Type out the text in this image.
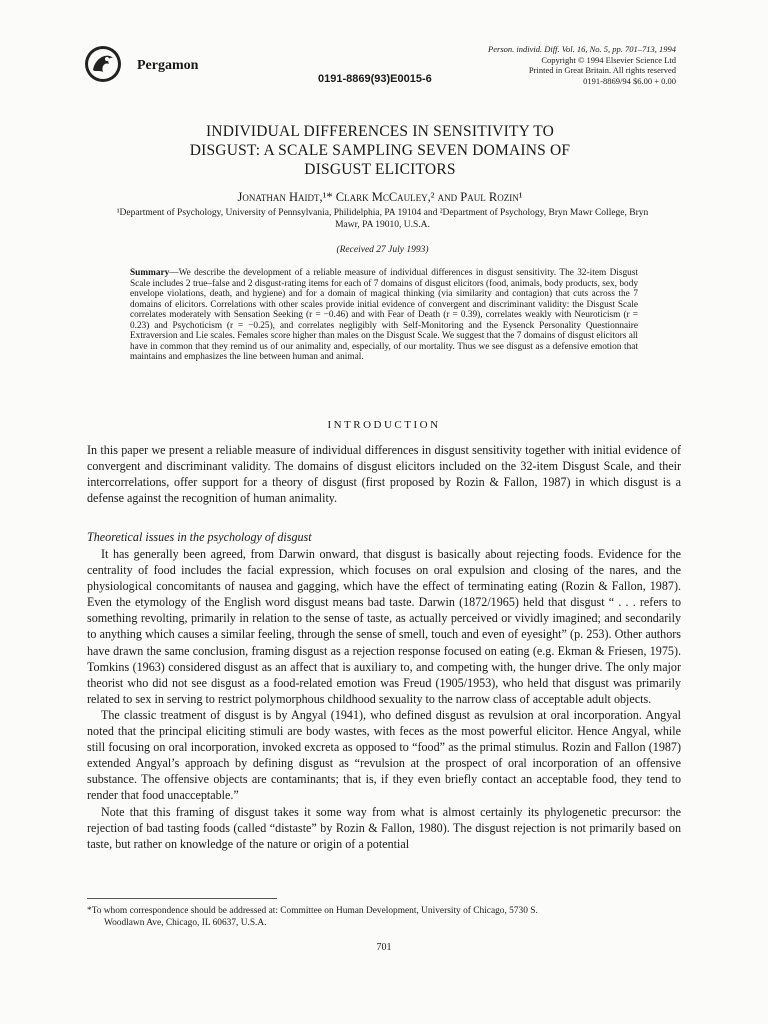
Pergamon
0191-8869(93)E0015-6
Person. individ. Diff. Vol. 16, No. 5, pp. 701–713, 1994
Copyright © 1994 Elsevier Science Ltd
Printed in Great Britain. All rights reserved
0191-8869/94 $6.00 + 0.00
INDIVIDUAL DIFFERENCES IN SENSITIVITY TO
DISGUST: A SCALE SAMPLING SEVEN DOMAINS OF
DISGUST ELICITORS
Jonathan Haidt,¹* Clark McCauley,² and Paul Rozin¹
¹Department of Psychology, University of Pennsylvania, Philidelphia, PA 19104 and ²Department of Psychology, Bryn Mawr College, Bryn Mawr, PA 19010, U.S.A.
(Received 27 July 1993)
Summary—We describe the development of a reliable measure of individual differences in disgust sensitivity. The 32-item Disgust Scale includes 2 true–false and 2 disgust-rating items for each of 7 domains of disgust elicitors (food, animals, body products, sex, body envelope violations, death, and hygiene) and for a domain of magical thinking (via similarity and contagion) that cuts across the 7 domains of elicitors. Correlations with other scales provide initial evidence of convergent and discriminant validity: the Disgust Scale correlates moderately with Sensation Seeking (r = −0.46) and with Fear of Death (r = 0.39), correlates weakly with Neuroticism (r = 0.23) and Psychoticism (r = −0.25), and correlates negligibly with Self-Monitoring and the Eysenck Personality Questionnaire Extraversion and Lie scales. Females score higher than males on the Disgust Scale. We suggest that the 7 domains of disgust elicitors all have in common that they remind us of our animality and, especially, of our mortality. Thus we see disgust as a defensive emotion that maintains and emphasizes the line between human and animal.
INTRODUCTION
In this paper we present a reliable measure of individual differences in disgust sensitivity together with initial evidence of convergent and discriminant validity. The domains of disgust elicitors included on the 32-item Disgust Scale, and their intercorrelations, offer support for a theory of disgust (first proposed by Rozin & Fallon, 1987) in which disgust is a defense against the recognition of human animality.
Theoretical issues in the psychology of disgust
It has generally been agreed, from Darwin onward, that disgust is basically about rejecting foods. Evidence for the centrality of food includes the facial expression, which focuses on oral expulsion and closing of the nares, and the physiological concomitants of nausea and gagging, which have the effect of terminating eating (Rozin & Fallon, 1987). Even the etymology of the English word disgust means bad taste. Darwin (1872/1965) held that disgust “ . . . refers to something revolting, primarily in relation to the sense of taste, as actually perceived or vividly imagined; and secondarily to anything which causes a similar feeling, through the sense of smell, touch and even of eyesight” (p. 253). Other authors have drawn the same conclusion, framing disgust as a rejection response focused on eating (e.g. Ekman & Friesen, 1975). Tomkins (1963) considered disgust as an affect that is auxiliary to, and competing with, the hunger drive. The only major theorist who did not see disgust as a food-related emotion was Freud (1905/1953), who held that disgust was primarily related to sex in serving to restrict polymorphous childhood sexuality to the narrow class of acceptable adult objects.
The classic treatment of disgust is by Angyal (1941), who defined disgust as revulsion at oral incorporation. Angyal noted that the principal eliciting stimuli are body wastes, with feces as the most powerful elicitor. Hence Angyal, while still focusing on oral incorporation, invoked excreta as opposed to “food” as the primal stimulus. Rozin and Fallon (1987) extended Angyal’s approach by defining disgust as “revulsion at the prospect of oral incorporation of an offensive substance. The offensive objects are contaminants; that is, if they even briefly contact an acceptable food, they tend to render that food unacceptable.”
Note that this framing of disgust takes it some way from what is almost certainly its phylogenetic precursor: the rejection of bad tasting foods (called “distaste” by Rozin & Fallon, 1980). The disgust rejection is not primarily based on taste, but rather on knowledge of the nature or origin of a potential
*To whom correspondence should be addressed at: Committee on Human Development, University of Chicago, 5730 S.
Woodlawn Ave, Chicago, IL 60637, U.S.A.
701
